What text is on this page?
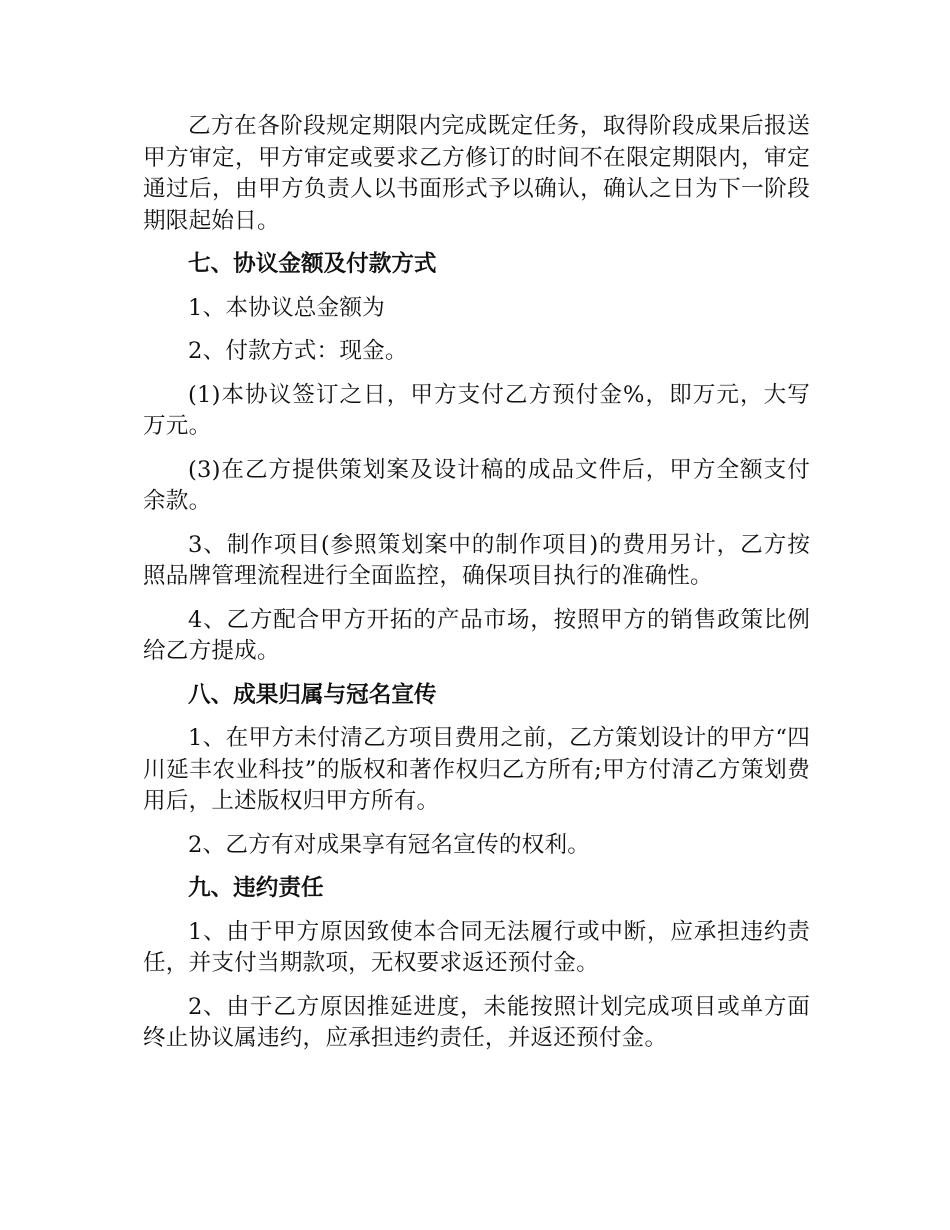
乙方在各阶段规定期限内完成既定任务，取得阶段成果后报送甲方审定，甲方审定或要求乙方修订的时间不在限定期限内，审定通过后，由甲方负责人以书面形式予以确认，确认之日为下一阶段期限起始日。

七、协议金额及付款方式

1、本协议总金额为

2、付款方式：现金。

(1)本协议签订之日，甲方支付乙方预付金%，即万元，大写万元。

(3)在乙方提供策划案及设计稿的成品文件后，甲方全额支付余款。

3、制作项目(参照策划案中的制作项目)的费用另计，乙方按照品牌管理流程进行全面监控，确保项目执行的准确性。

4、乙方配合甲方开拓的产品市场，按照甲方的销售政策比例给乙方提成。

八、成果归属与冠名宣传

1、在甲方未付清乙方项目费用之前，乙方策划设计的甲方“四川延丰农业科技”的版权和著作权归乙方所有;甲方付清乙方策划费用后，上述版权归甲方所有。

2、乙方有对成果享有冠名宣传的权利。

九、违约责任

1、由于甲方原因致使本合同无法履行或中断，应承担违约责任，并支付当期款项，无权要求返还预付金。

2、由于乙方原因推延进度，未能按照计划完成项目或单方面终止协议属违约，应承担违约责任，并返还预付金。
